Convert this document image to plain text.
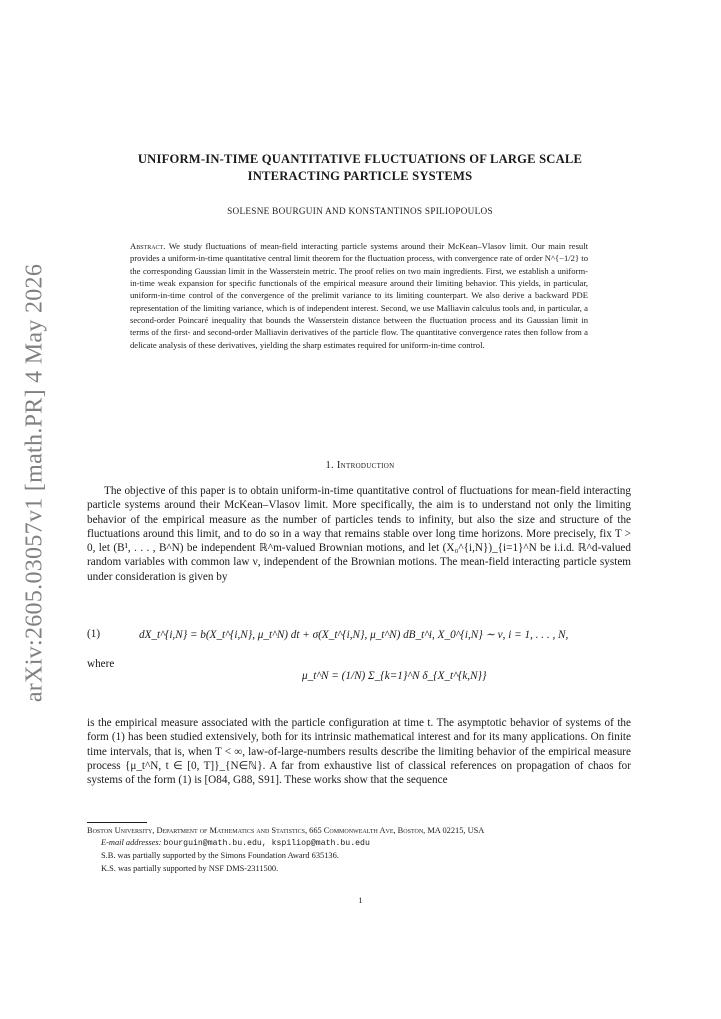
arXiv:2605.03057v1 [math.PR] 4 May 2026
UNIFORM-IN-TIME QUANTITATIVE FLUCTUATIONS OF LARGE SCALE
INTERACTING PARTICLE SYSTEMS
SOLESNE BOURGUIN AND KONSTANTINOS SPILIOPOULOS
Abstract. We study fluctuations of mean-field interacting particle systems around their McKean–Vlasov limit. Our main result provides a uniform-in-time quantitative central limit theorem for the fluctuation process, with convergence rate of order N^{−1/2} to the corresponding Gaussian limit in the Wasserstein metric. The proof relies on two main ingredients. First, we establish a uniform-in-time weak expansion for specific functionals of the empirical measure around their limiting behavior. This yields, in particular, uniform-in-time control of the convergence of the prelimit variance to its limiting counterpart. We also derive a backward PDE representation of the limiting variance, which is of independent interest. Second, we use Malliavin calculus tools and, in particular, a second-order Poincaré inequality that bounds the Wasserstein distance between the fluctuation process and its Gaussian limit in terms of the first- and second-order Malliavin derivatives of the particle flow. The quantitative convergence rates then follow from a delicate analysis of these derivatives, yielding the sharp estimates required for uniform-in-time control.
1. Introduction
The objective of this paper is to obtain uniform-in-time quantitative control of fluctuations for mean-field interacting particle systems around their McKean–Vlasov limit. More specifically, the aim is to understand not only the limiting behavior of the empirical measure as the number of particles tends to infinity, but also the size and structure of the fluctuations around this limit, and to do so in a way that remains stable over long time horizons. More precisely, fix T > 0, let (B¹, . . . , B^N) be independent ℝ^m-valued Brownian motions, and let (X₀^{i,N})_{i=1}^N be i.i.d. ℝ^d-valued random variables with common law ν, independent of the Brownian motions. The mean-field interacting particle system under consideration is given by
(1)	dX_t^{i,N} = b(X_t^{i,N}, μ_t^N) dt + σ(X_t^{i,N}, μ_t^N) dB_t^i, X_0^{i,N} ∼ ν, i = 1, . . . , N,
where
μ_t^N = (1/N) Σ_{k=1}^N δ_{X_t^{k,N}}
is the empirical measure associated with the particle configuration at time t. The asymptotic behavior of systems of the form (1) has been studied extensively, both for its intrinsic mathematical interest and for its many applications. On finite time intervals, that is, when T < ∞, law-of-large-numbers results describe the limiting behavior of the empirical measure process {μ_t^N, t ∈ [0, T]}_{N∈ℕ}. A far from exhaustive list of classical references on propagation of chaos for systems of the form (1) is [O84, G88, S91]. These works show that the sequence
Boston University, Department of Mathematics and Statistics, 665 Commonwealth Ave, Boston, MA 02215, USA
E-mail addresses: bourguin@math.bu.edu, kspiliop@math.bu.edu
S.B. was partially supported by the Simons Foundation Award 635136.
K.S. was partially supported by NSF DMS-2311500.
1
